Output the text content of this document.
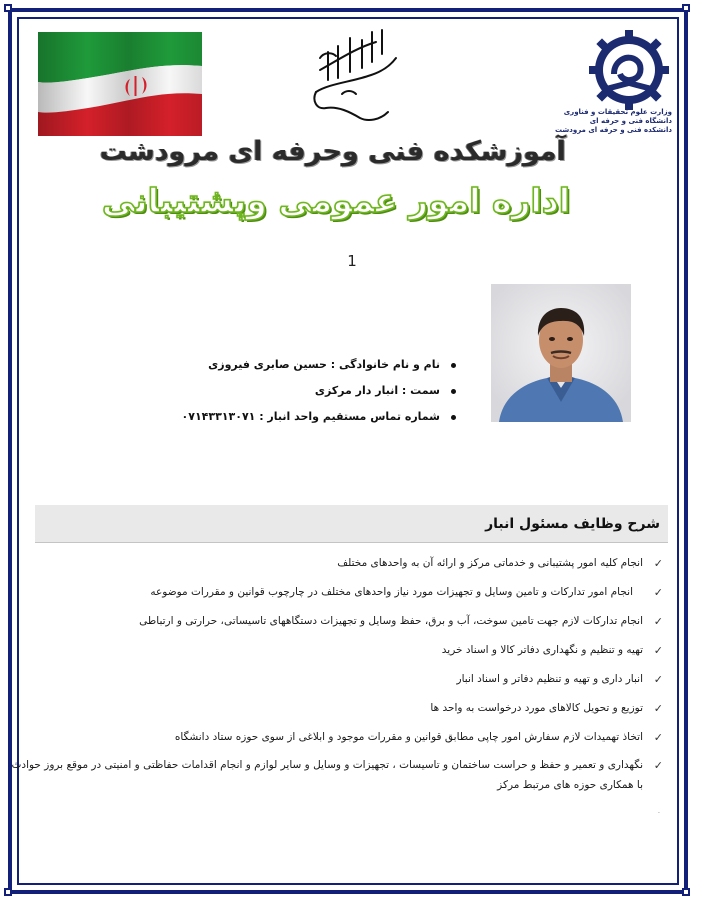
وزارت علوم تحقیقات و فناوری
دانشگاه فنی و حرفه ای
دانشکده فنی و حرفه ای مرودشت
آموزشکده فنی وحرفه ای مرودشت
اداره امور عمومی وپشتیبانی
1
نام و نام خانوادگی : حسین صابری فیروزی
سمت : انبار دار مرکزی
شماره تماس مستقیم واحد انبار : ۰۷۱۴۳۳۱۳۰۷۱
شرح وظایف مسئول انبار
✓
انجام کلیه امور پشتیبانی و خدماتی مرکز و ارائه آن به واحدهای مختلف
✓
انجام امور تدارکات و تامین وسایل و تجهیزات مورد نیاز واحدهای مختلف در چارچوب قوانین و مقررات موضوعه
✓
انجام تدارکات لازم جهت تامین سوخت، آب و برق، حفظ وسایل و تجهیزات دستگاههای تاسیساتی، حرارتی و ارتباطی
✓
تهیه و تنظیم و نگهداری دفاتر کالا و اسناد خرید
✓
انبار داری و تهیه و تنظیم دفاتر و اسناد انبار
✓
توزیع و تحویل کالاهای مورد درخواست به واحد ها
✓
اتخاذ تهمیدات لازم سفارش امور چاپی مطابق قوانین و مقررات موجود و ابلاغی از سوی حوزه ستاد دانشگاه
✓
نگهداری و تعمیر و حفظ و حراست ساختمان و تاسیسات ، تجهیزات و وسایل و سایر لوازم و انجام اقدامات حفاظتی و امنیتی در موقع بروز حوادث
با همکاری حوزه های مرتبط مرکز
.
